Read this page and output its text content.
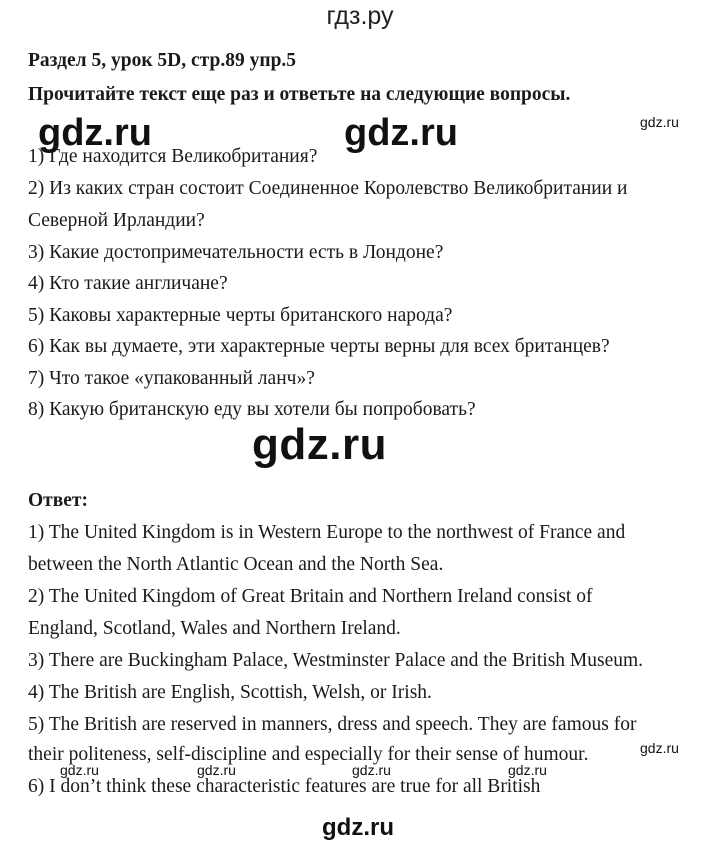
гдз.ру
Раздел 5, урок 5D, стр.89 упр.5
Прочитайте текст еще раз и ответьте на следующие вопросы.
1) Где находится Великобритания?
2) Из каких стран состоит Соединенное Королевство Великобритании и
Северной Ирландии?
3) Какие достопримечательности есть в Лондоне?
4) Кто такие англичане?
5) Каковы характерные черты британского народа?
6) Как вы думаете, эти характерные черты верны для всех британцев?
7) Что такое «упакованный ланч»?
8) Какую британскую еду вы хотели бы попробовать?
Ответ:
1) The United Kingdom is in Western Europe to the northwest of France and
between the North Atlantic Ocean and the North Sea.
2) The United Kingdom of Great Britain and Northern Ireland consist of
England, Scotland, Wales and Northern Ireland.
3) There are Buckingham Palace, Westminster Palace and the British Museum.
4) The British are English, Scottish, Welsh, or Irish.
5) The British are reserved in manners, dress and speech. They are famous for
their politeness, self-discipline and especially for their sense of humour.
6) I don’t think these characteristic features are true for all British
gdz.ru	gdz.ru	gdz.ru
gdz.ru
gdz.ru
gdz.ru	gdz.ru	gdz.ru	gdz.ru
gdz.ru
